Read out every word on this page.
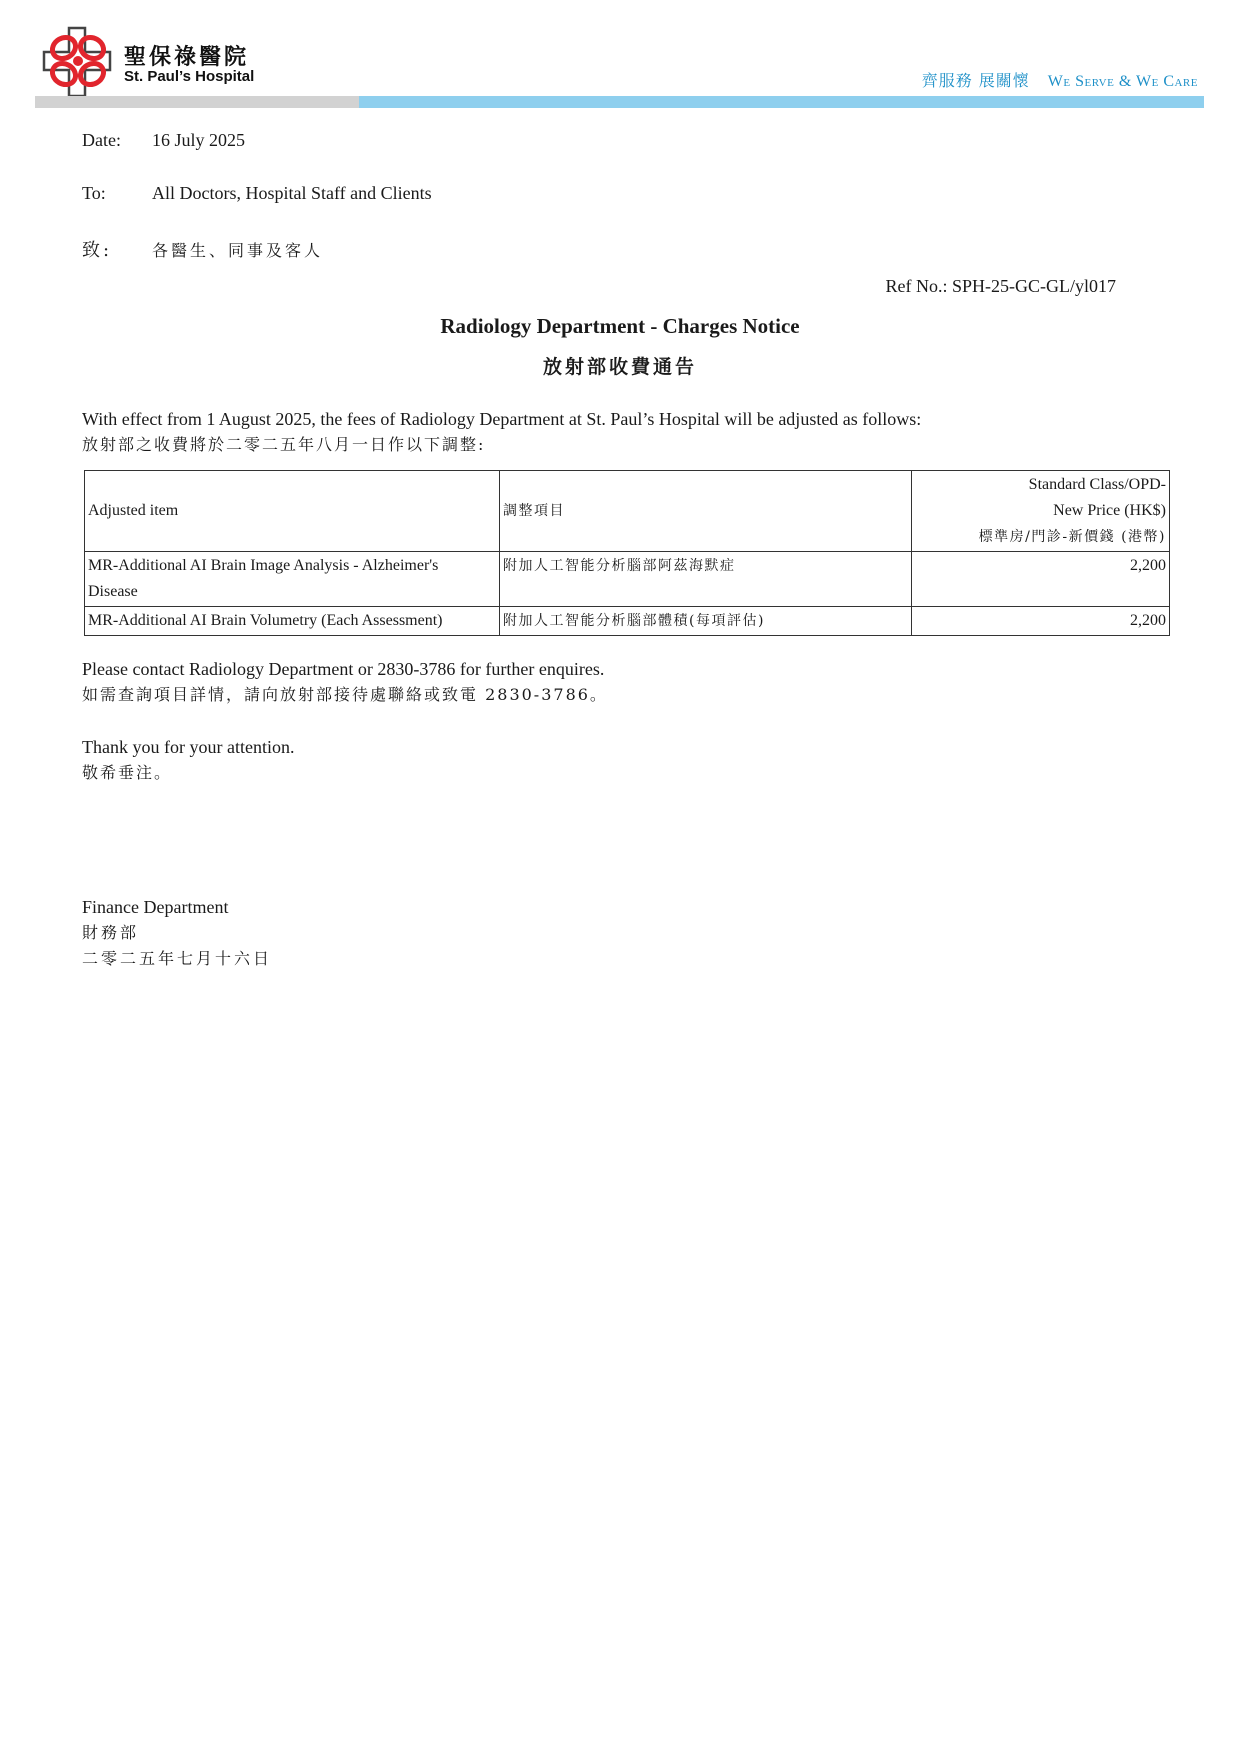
聖保祿醫院
St. Paul’s Hospital	齊服務 展關懷 We Serve & We Care
Date: 16 July 2025
To:	All Doctors, Hospital Staff and Clients
致: 各醫生、同事及客人
Ref No.: SPH-25-GC-GL/yl017
Radiology Department - Charges Notice
放射部收費通告
With effect from 1 August 2025, the fees of Radiology Department at St. Paul’s Hospital will be adjusted as follows:
放射部之收費將於二零二五年八月一日作以下調整:
Adjusted item	調整項目	Standard Class/OPD-
New Price (HK$)
標準房/門診-新價錢 (港幣)

MR-Additional AI Brain Image Analysis - Alzheimer's
Disease	附加人工智能分析腦部阿茲海默症	2,200
MR-Additional AI Brain Volumetry (Each Assessment)	附加人工智能分析腦部體積(每項評估)	2,200
Please contact Radiology Department or 2830-3786 for further enquires.
如需查詢項目詳情，請向放射部接待處聯絡或致電 2830-3786。
Thank you for your attention.
敬希垂注。
Finance Department
財務部
二零二五年七月十六日
